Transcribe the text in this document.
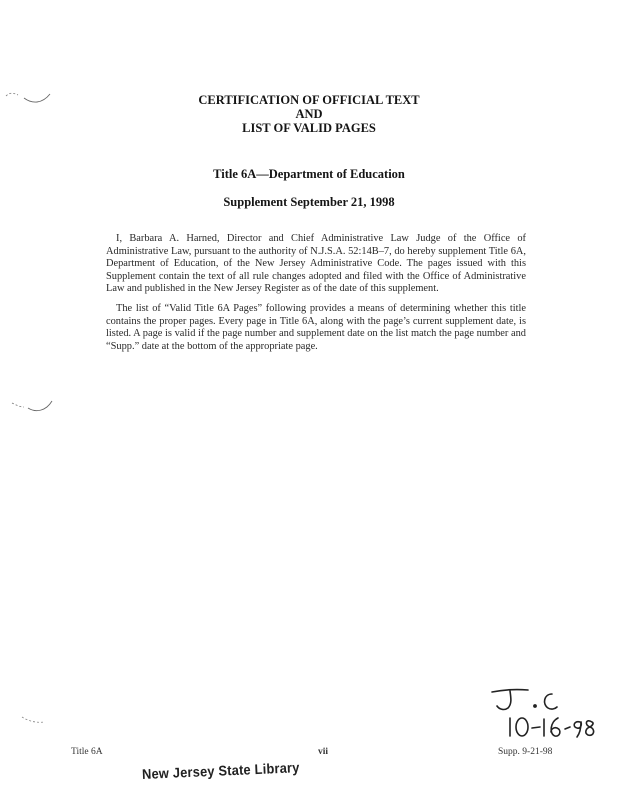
CERTIFICATION OF OFFICIAL TEXT
AND
LIST OF VALID PAGES
Title 6A—Department of Education
Supplement September 21, 1998

I, Barbara A. Harned, Director and Chief Administrative Law Judge of the Office of Administrative Law, pursuant to the authority of N.J.S.A. 52:14B–7, do hereby supplement Title 6A, Department of Education, of the New Jersey Administrative Code. The pages issued with this Supplement contain the text of all rule changes adopted and filed with the Office of Administrative Law and published in the New Jersey Register as of the date of this supplement.

The list of “Valid Title 6A Pages” following provides a means of determining whether this title contains the proper pages. Every page in Title 6A, along with the page’s current supplement date, is listed. A page is valid if the page number and supplement date on the list match the page number and “Supp.” date at the bottom of the appropriate page.

Title 6A	vii	Supp. 9-21-98
New Jersey State Library
